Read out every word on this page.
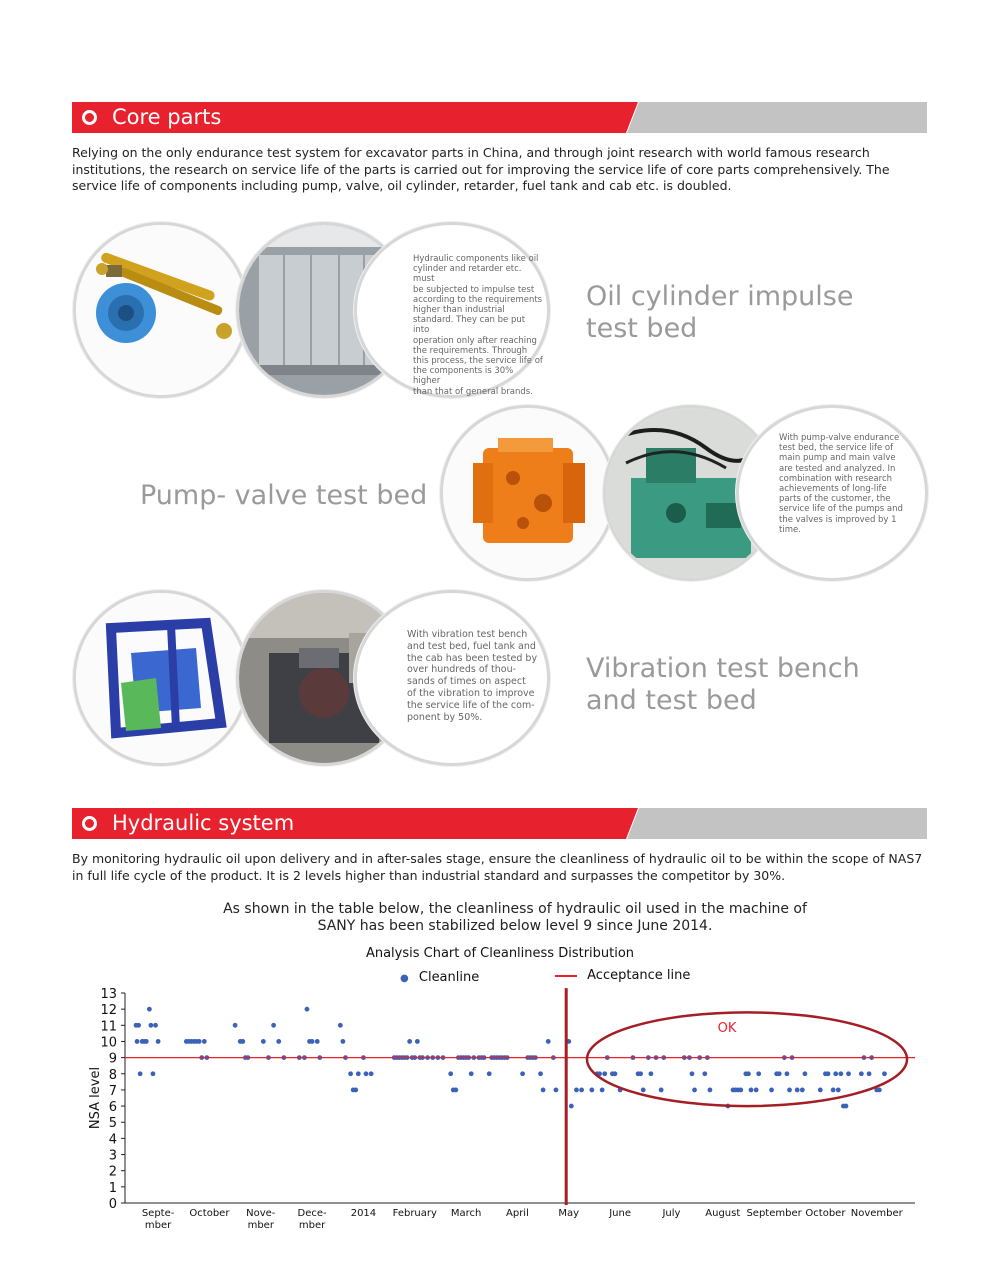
Core parts
Relying on the only endurance test system for excavator parts in China, and through joint research with world famous research
institutions, the research on service life of the parts is carried out for improving the service life of core parts comprehensively. The
service life of components including pump, valve, oil cylinder, retarder, fuel tank and cab etc. is doubled.
Hydraulic components like oil
cylinder and retarder etc. must
be subjected to impulse test
according to the requirements
higher than industrial
standard. They can be put into
operation only after reaching
the requirements. Through
this process, the service life of
the components is 30% higher
than that of general brands.
Oil cylinder impulse
test bed
Pump- valve test bed
With pump-valve endurance
test bed, the service life of
main pump and main valve
are tested and analyzed. In
combination with research
achievements of long-life
parts of the customer, the
service life of the pumps and
the valves is improved by 1
time.
With vibration test bench
and test bed, fuel tank and
the cab has been tested by
over hundreds of thou-
sands of times on aspect
of the vibration to improve
the service life of the com-
ponent by 50%.
Vibration test bench
and test bed
Hydraulic system
By monitoring hydraulic oil upon delivery and in after-sales stage, ensure the cleanliness of hydraulic oil to be within the scope of NAS7
in full life cycle of the product. It is 2 levels higher than industrial standard and surpasses the competitor by 30%.
As shown in the table below, the cleanliness of hydraulic oil used in the machine of
SANY has been stabilized below level 9 since June 2014.
Analysis Chart of Cleanliness Distribution
● Cleanline	Acceptance line
0
1
2
3
4
5
6
7
8
9
10
11
12
13
NSA level
Septe-mber
October Nove-mber
Dece-mber
2014 February March April	May	June	July August September October November
OK
